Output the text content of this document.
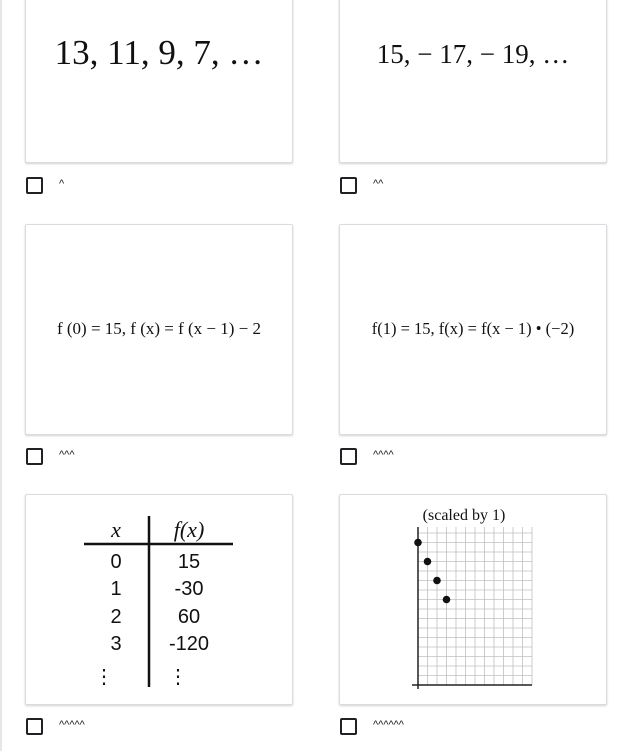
13, 11, 9, 7, …
^
15, − 17, − 19, …
^^
f (0) = 15, f (x) = f (x − 1) − 2
^^^
f(1) = 15, f(x) = f(x − 1) • (−2)
^^^^
x f(x)
0	15
1	-30
2	60
3 -120
⋮	⋮
^^^^^
(scaled by 1)
^^^^^^
